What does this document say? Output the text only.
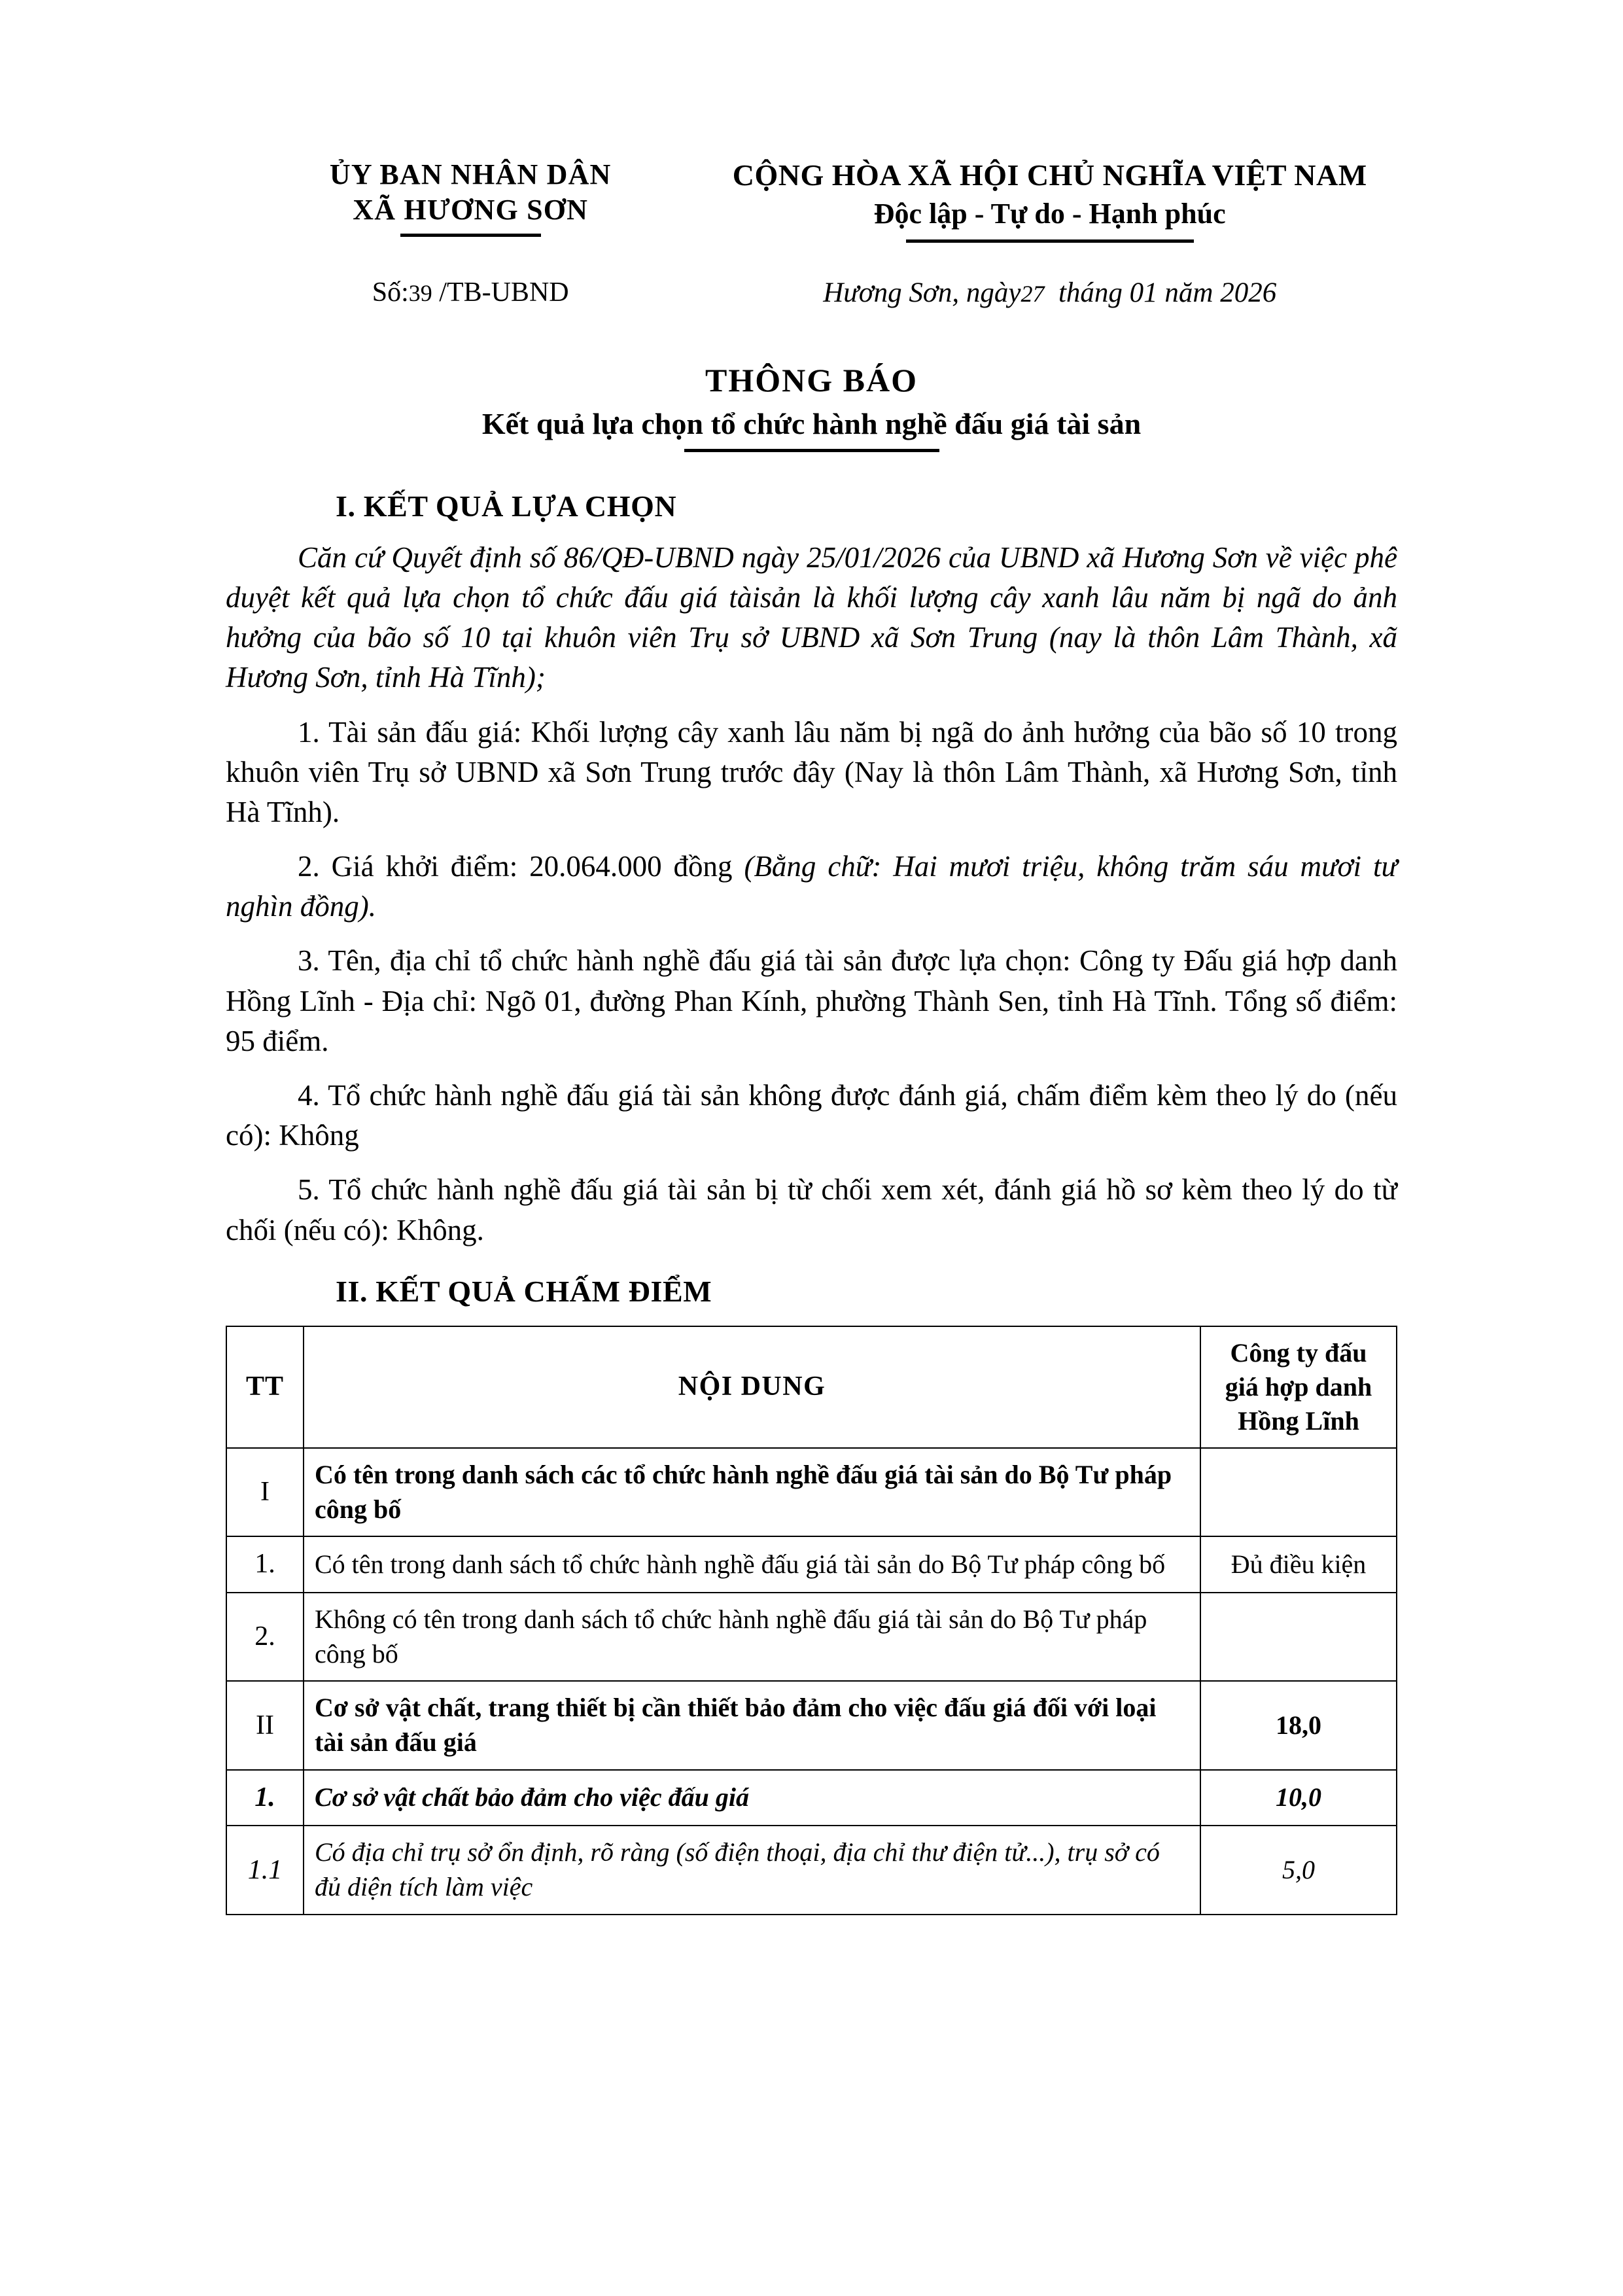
ỦY BAN NHÂN DÂN
XÃ HƯƠNG SƠN
CỘNG HÒA XÃ HỘI CHỦ NGHĨA VIỆT NAM
Độc lập - Tự do - Hạnh phúc
Số:39 /TB-UBND	Hương Sơn, ngày27 tháng 01 năm 2026
THÔNG BÁO
Kết quả lựa chọn tổ chức hành nghề đấu giá tài sản
I. KẾT QUẢ LỰA CHỌN

Căn cứ Quyết định số 86/QĐ-UBND ngày 25/01/2026 của UBND xã Hương Sơn về việc phê duyệt kết quả lựa chọn tổ chức đấu giá tàisản là khối lượng cây xanh lâu năm bị ngã do ảnh hưởng của bão số 10 tại khuôn viên Trụ sở UBND xã Sơn Trung (nay là thôn Lâm Thành, xã Hương Sơn, tỉnh Hà Tĩnh);

1. Tài sản đấu giá: Khối lượng cây xanh lâu năm bị ngã do ảnh hưởng của bão số 10 trong khuôn viên Trụ sở UBND xã Sơn Trung trước đây (Nay là thôn Lâm Thành, xã Hương Sơn, tỉnh Hà Tĩnh).

2. Giá khởi điểm: 20.064.000 đồng (Bằng chữ: Hai mươi triệu, không trăm sáu mươi tư nghìn đồng).

3. Tên, địa chỉ tổ chức hành nghề đấu giá tài sản được lựa chọn: Công ty Đấu giá hợp danh Hồng Lĩnh - Địa chỉ: Ngõ 01, đường Phan Kính, phường Thành Sen, tỉnh Hà Tĩnh. Tổng số điểm: 95 điểm.

4. Tổ chức hành nghề đấu giá tài sản không được đánh giá, chấm điểm kèm theo lý do (nếu có): Không

5. Tổ chức hành nghề đấu giá tài sản bị từ chối xem xét, đánh giá hồ sơ kèm theo lý do từ chối (nếu có): Không.

II. KẾT QUẢ CHẤM ĐIỂM
TT	NỘI DUNG	Công ty đấu giá hợp danh Hồng Lĩnh
I	Có tên trong danh sách các tổ chức hành nghề đấu giá tài sản do Bộ Tư pháp công bố	
1.	Có tên trong danh sách tổ chức hành nghề đấu giá tài sản do Bộ Tư pháp công bố	Đủ điều kiện
2.	Không có tên trong danh sách tổ chức hành nghề đấu giá tài sản do Bộ Tư pháp công bố	
II	Cơ sở vật chất, trang thiết bị cần thiết bảo đảm cho việc đấu giá đối với loại tài sản đấu giá	18,0
1.	Cơ sở vật chất bảo đảm cho việc đấu giá	10,0
1.1	Có địa chỉ trụ sở ổn định, rõ ràng (số điện thoại, địa chỉ thư điện tử...), trụ sở có đủ diện tích làm việc	5,0
